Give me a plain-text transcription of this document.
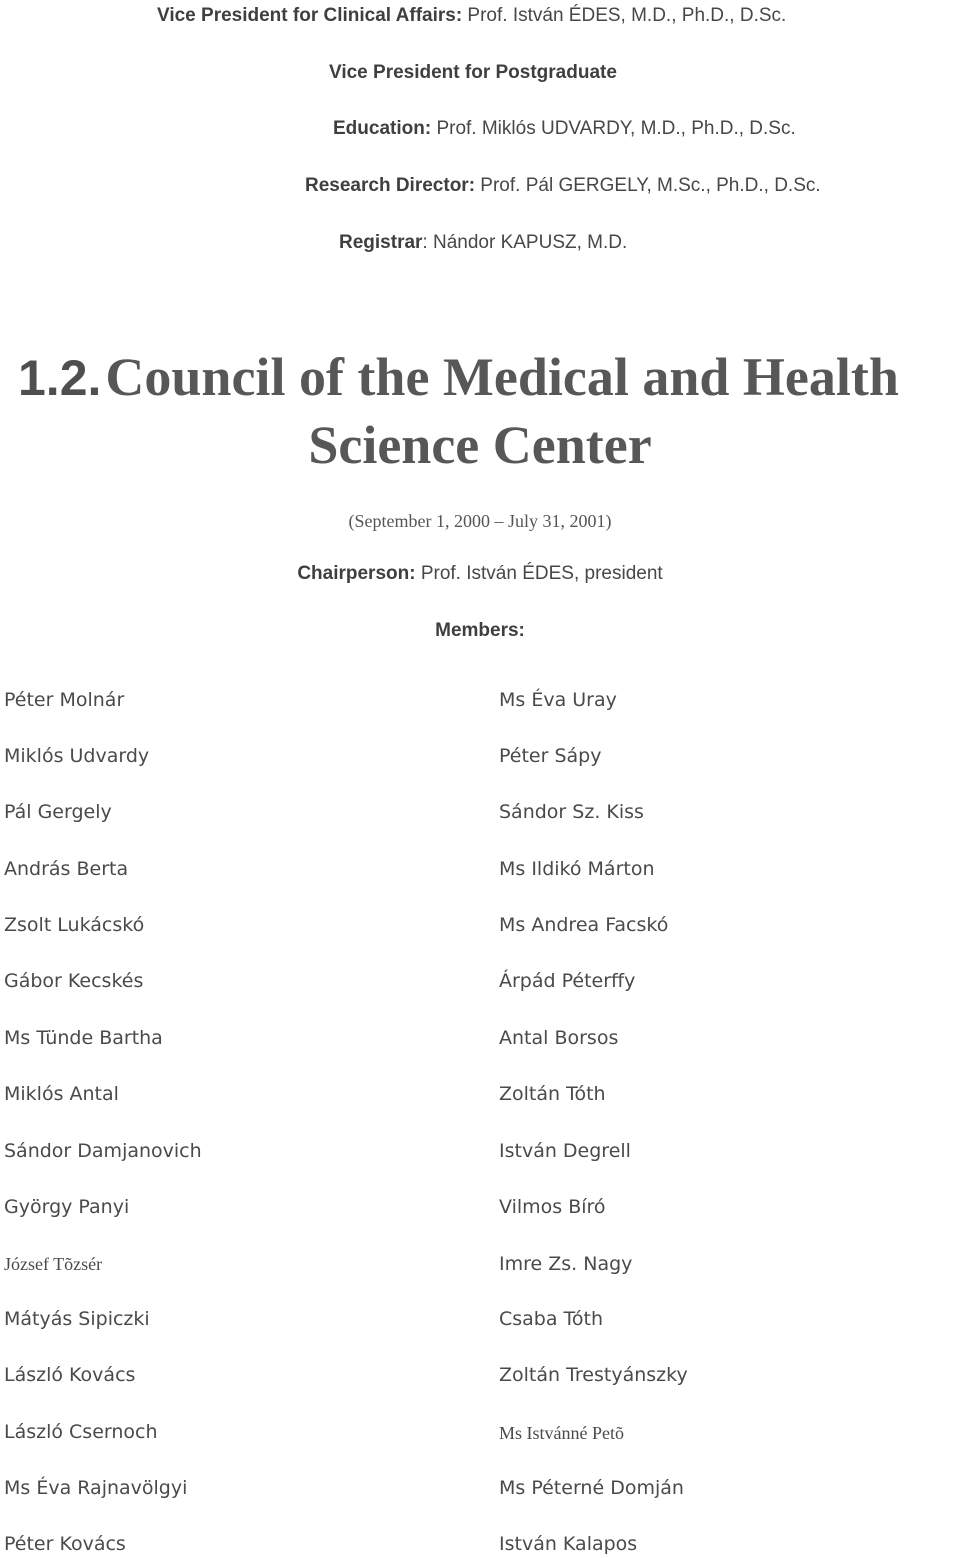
Vice President for Clinical Affairs: Prof. István ÉDES, M.D., Ph.D., D.Sc.
Vice President for Postgraduate
Education: Prof. Miklós UDVARDY, M.D., Ph.D., D.Sc.
Research Director: Prof. Pál GERGELY, M.Sc., Ph.D., D.Sc.
Registrar: Nándor KAPUSZ, M.D.
1.2. Council of the Medical and Health
Science Center
(September 1, 2000 – July 31, 2001)
Chairperson: Prof. István ÉDES, president
Members:
Péter Molnár
Miklós Udvardy
Pál Gergely
András Berta
Zsolt Lukácskó
Gábor Kecskés
Ms Tünde Bartha
Miklós Antal
Sándor Damjanovich
György Panyi
József Tõzsér
Mátyás Sipiczki
László Kovács
László Csernoch
Ms Éva Rajnavölgyi
Péter Kovács
Ms Éva Uray
Péter Sápy
Sándor Sz. Kiss
Ms Ildikó Márton
Ms Andrea Facskó
Árpád Péterffy
Antal Borsos
Zoltán Tóth
István Degrell
Vilmos Bíró
Imre Zs. Nagy
Csaba Tóth
Zoltán Trestyánszky
Ms Istvánné Petõ
Ms Péterné Domján
István Kalapos
